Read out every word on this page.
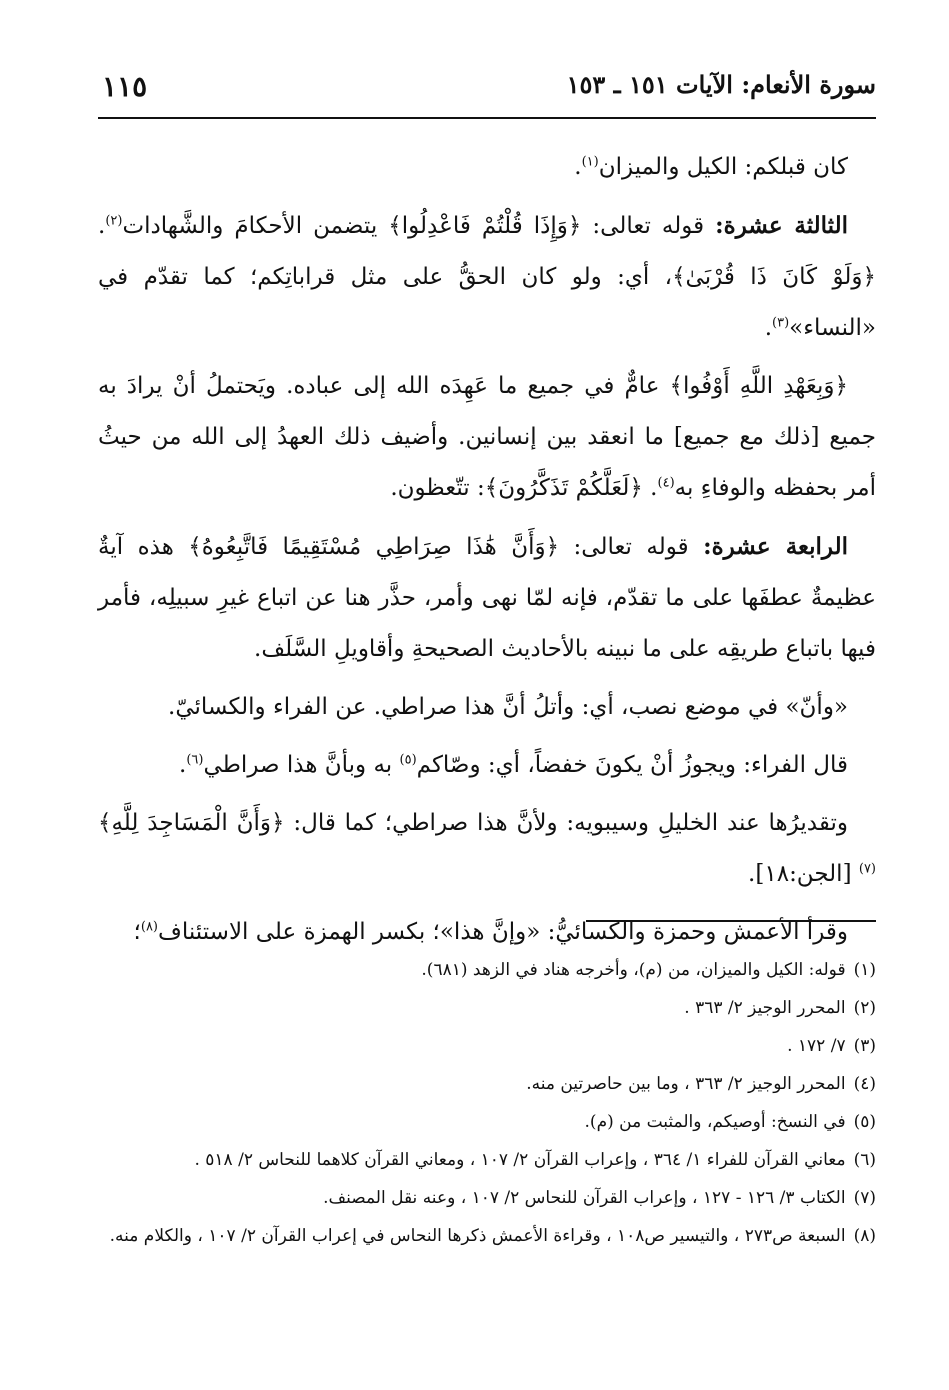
سورة الأنعام: الآيات ١٥١ ـ ١٥٣
١١٥

كان قبلكم: الكيل والميزان$^{(١)}$.

الثالثة عشرة: قوله تعالى: ﴿وَإِذَا قُلْتُمْ فَاعْدِلُوا﴾ يتضمن الأحكامَ والشَّهادات$^{(٢)}$. ﴿وَلَوْ كَانَ ذَا قُرْبَىٰ﴾، أي: ولو كان الحقُّ على مثل قراباتِكم؛ كما تقدّم في «النساء»$^{(٣)}$.

﴿وَبِعَهْدِ اللَّهِ أَوْفُوا﴾ عامٌّ في جميع ما عَهِدَه الله إلى عباده. ويَحتملُ أنْ يرادَ به جميع [ذلك مع جميع] ما انعقد بين إنسانين. وأضيف ذلك العهدُ إلى الله من حيثُ أمر بحفظه والوفاءِ به$^{(٤)}$. ﴿لَعَلَّكُمْ تَذَكَّرُونَ﴾: تتّعظون.

الرابعة عشرة: قوله تعالى: ﴿وَأَنَّ هَٰذَا صِرَاطِي مُسْتَقِيمًا فَاتَّبِعُوهُ﴾ هذه آيةٌ عظيمةٌ عطفَها على ما تقدّم، فإنه لمّا نهى وأمر، حذَّر هنا عن اتباع غيرِ سبيلِه، فأمر فيها باتباع طريقِه على ما نبينه بالأحاديث الصحيحةِ وأقاويلِ السَّلَف.

«وأنّ» في موضع نصب، أي: وأتلُ أنَّ هذا صراطي. عن الفراء والكسائيّ.

قال الفراء: ويجوزُ أنْ يكونَ خفضاً، أي: وصّاكم$^{(٥)}$ به وبأنَّ هذا صراطي$^{(٦)}$.

وتقديرُها عند الخليلِ وسيبويه: ولأنَّ هذا صراطي؛ كما قال: ﴿وَأَنَّ الْمَسَاجِدَ لِلَّهِ﴾$^{(٧)}$ [الجن:١٨].

وقرأ الأعمش وحمزة والكسائيُّ: «وإنَّ هذا»؛ بكسر الهمزة على الاستئناف$^{(٨)}$؛

(١)قوله: الكيل والميزان، من (م)، وأخرجه هناد في الزهد (٦٨١).
(٢)المحرر الوجيز ٢/ ٣٦٣ .
(٣)٧/ ١٧٢ .
(٤)المحرر الوجيز ٢/ ٣٦٣ ، وما بين حاصرتين منه.
(٥)في النسخ: أوصيكم، والمثبت من (م).
(٦)معاني القرآن للفراء ١/ ٣٦٤ ، وإعراب القرآن ٢/ ١٠٧ ، ومعاني القرآن كلاهما للنحاس ٢/ ٥١٨ .
(٧)الكتاب ٣/ ١٢٦ - ١٢٧ ، وإعراب القرآن للنحاس ٢/ ١٠٧ ، وعنه نقل المصنف.
(٨)السبعة ص٢٧٣ ، والتيسير ص١٠٨ ، وقراءة الأعمش ذكرها النحاس في إعراب القرآن ٢/ ١٠٧ ، والكلام منه.
